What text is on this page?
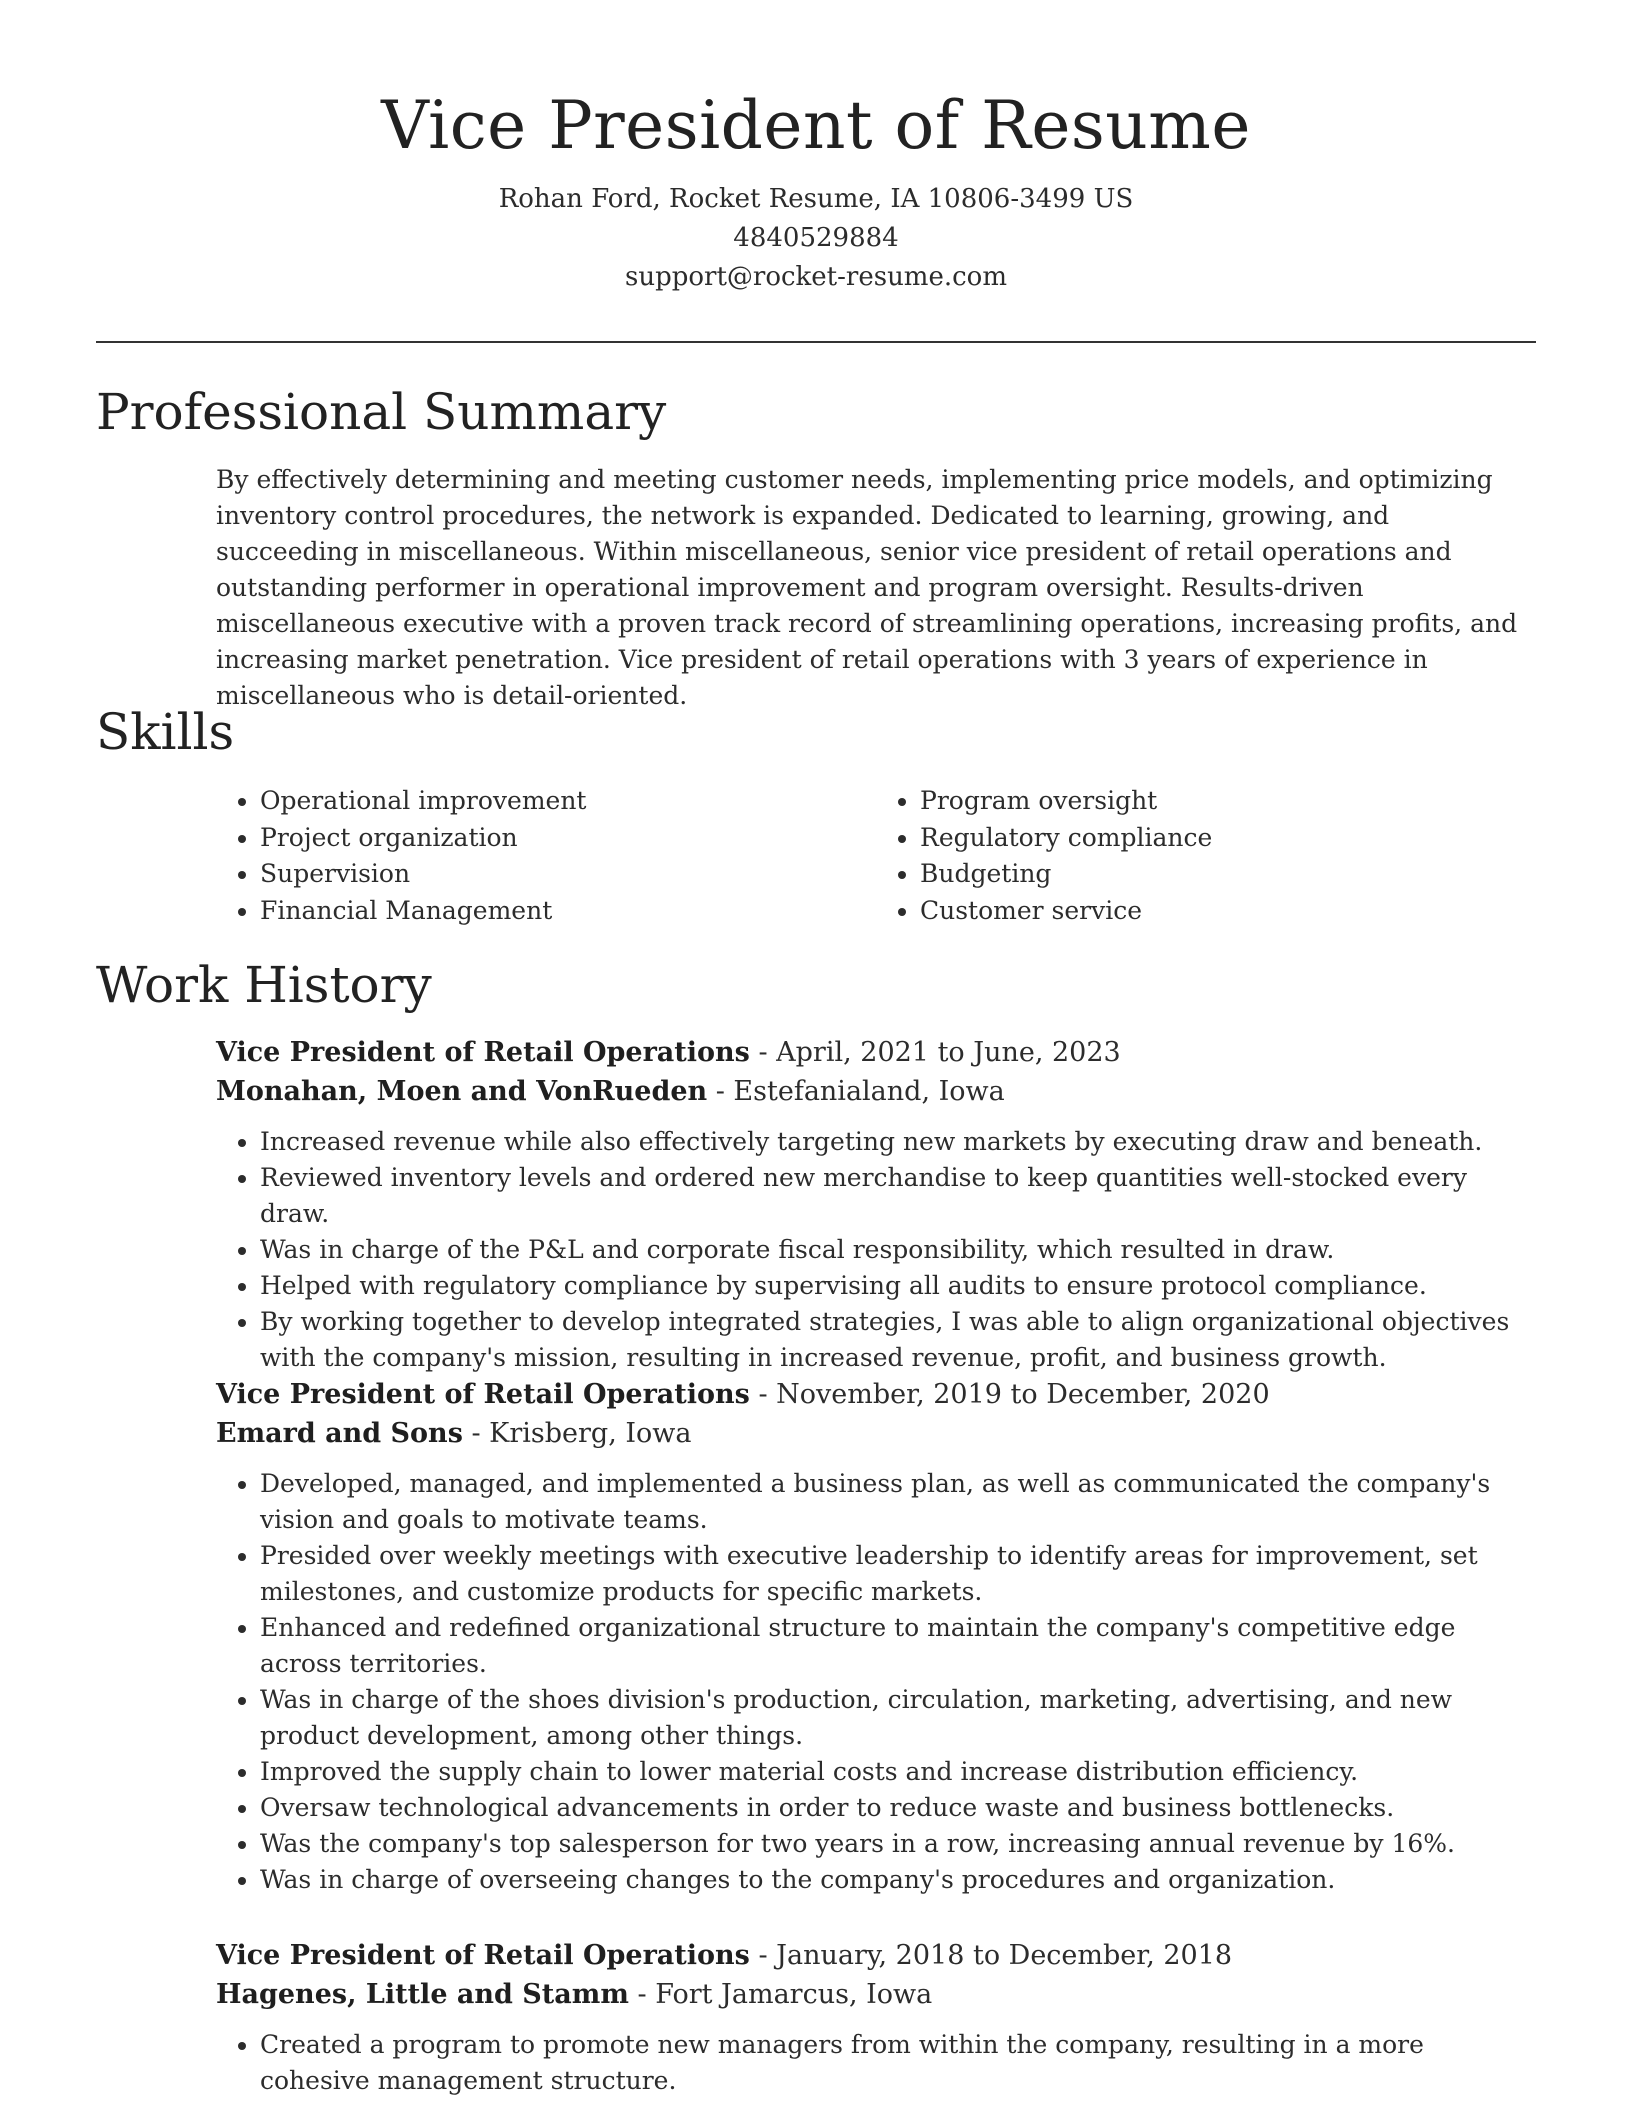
Vice President of Resume
Rohan Ford, Rocket Resume, IA 10806-3499 US
4840529884
support@rocket-resume.com
Professional Summary

By effectively determining and meeting customer needs, implementing price models, and optimizing inventory control procedures, the network is expanded. Dedicated to learning, growing, and succeeding in miscellaneous. Within miscellaneous, senior vice president of retail operations and outstanding performer in operational improvement and program oversight. Results-driven miscellaneous executive with a proven track record of streamlining operations, increasing profits, and increasing market penetration. Vice president of retail operations with 3 years of experience in miscellaneous who is detail-oriented.

Skills
• Operational improvement
• Project organization
• Supervision
• Financial Management
• Program oversight
• Regulatory compliance
• Budgeting
• Customer service
Work History
Vice President of Retail Operations - April, 2021 to June, 2023
Monahan, Moen and VonRueden - Estefanialand, Iowa
• Increased revenue while also effectively targeting new markets by executing draw and beneath.
• Reviewed inventory levels and ordered new merchandise to keep quantities well-stocked every draw.
• Was in charge of the P&L and corporate fiscal responsibility, which resulted in draw.
• Helped with regulatory compliance by supervising all audits to ensure protocol compliance.
• By working together to develop integrated strategies, I was able to align organizational objectives with the company's mission, resulting in increased revenue, profit, and business growth.
Vice President of Retail Operations - November, 2019 to December, 2020
Emard and Sons - Krisberg, Iowa
• Developed, managed, and implemented a business plan, as well as communicated the company's vision and goals to motivate teams.
• Presided over weekly meetings with executive leadership to identify areas for improvement, set milestones, and customize products for specific markets.
• Enhanced and redefined organizational structure to maintain the company's competitive edge across territories.
• Was in charge of the shoes division's production, circulation, marketing, advertising, and new product development, among other things.
• Improved the supply chain to lower material costs and increase distribution efficiency.
• Oversaw technological advancements in order to reduce waste and business bottlenecks.
• Was the company's top salesperson for two years in a row, increasing annual revenue by 16%.
• Was in charge of overseeing changes to the company's procedures and organization.
Vice President of Retail Operations - January, 2018 to December, 2018
Hagenes, Little and Stamm - Fort Jamarcus, Iowa
• Created a program to promote new managers from within the company, resulting in a more cohesive management structure.
